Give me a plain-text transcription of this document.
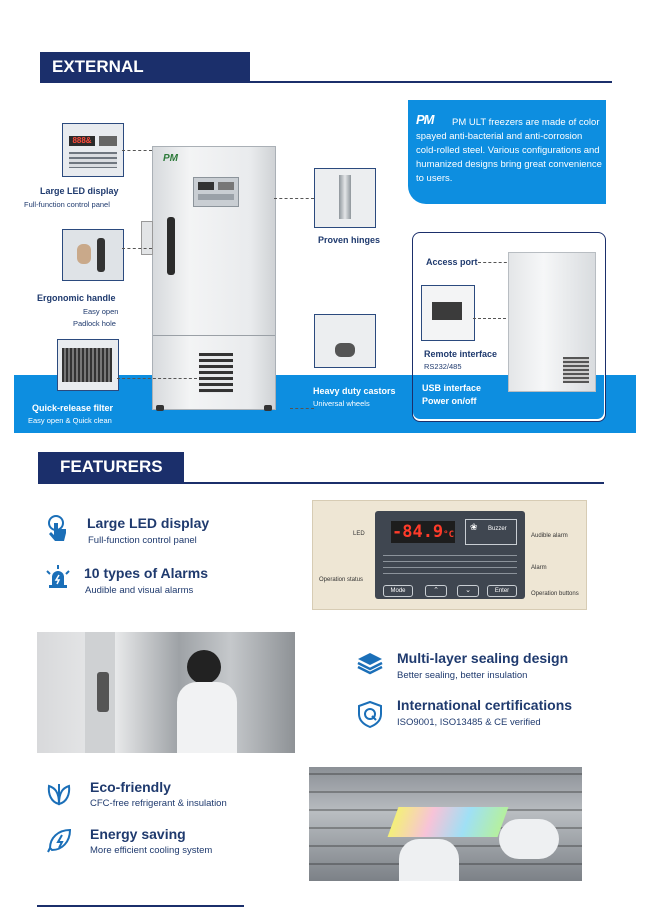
EXTERNAL STRUCTURE
PM	PM ULT freezers are made of color spayed anti-bacterial and anti-corrosion cold-rolled steel. Various configurations and humanized designs bring great convenience to users.
PM
888&
Large LED display
Full-function control panel
Ergonomic handle
Easy open
Padlock hole
Quick-release filter
Easy open & Quick clean
Proven hinges
Heavy duty castors
Universal wheels
Access port
Remote interface
RS232/485
USB interface
Power on/off
FEATURERS
Large LED display
Full-function control panel
10 types of Alarms
Audible and visual alarms
-84.9°C
❀ Buzzer
Mode	⌃	⌄	Enter
LED	Audible alarm
Alarm
Operation status
Operation buttons
Multi-layer sealing design
Better sealing, better insulation
International certifications
ISO9001, ISO13485 & CE verified
Eco-friendly
CFC-free refrigerant & insulation
Energy saving
More efficient cooling system
